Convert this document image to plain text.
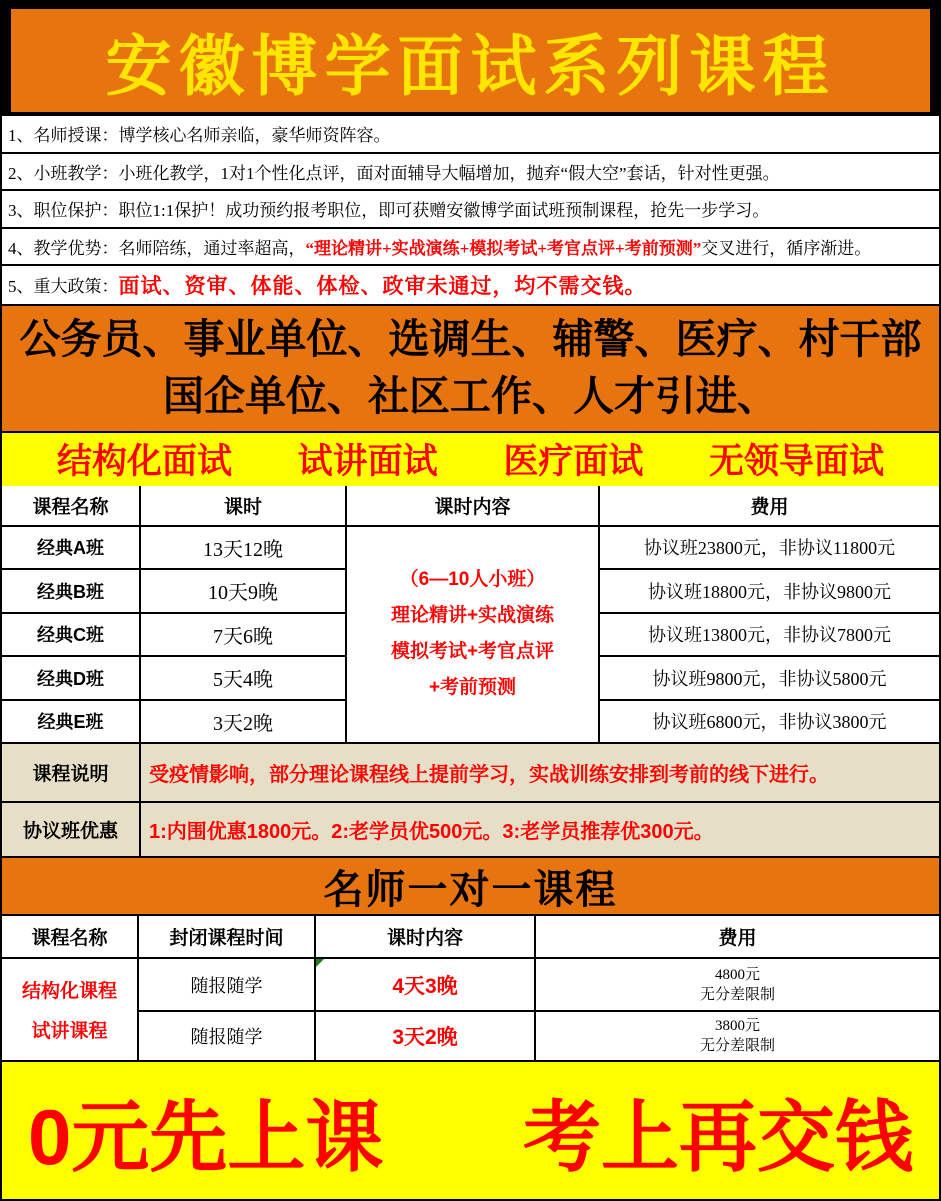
安徽博学面试系列课程
1、名师授课：博学核心名师亲临，豪华师资阵容。
2、小班教学：小班化教学，1对1个性化点评，面对面辅导大幅增加，抛弃“假大空”套话，针对性更强。
3、职位保护：职位1:1保护！成功预约报考职位，即可获赠安徽博学面试班预制课程，抢先一步学习。
4、教学优势：名师陪练，通过率超高， “理论精讲+实战演练+模拟考试+考官点评+考前预测” 交叉进行，循序渐进。
5、重大政策： 面试、资审、体能、体检、政审未通过，均不需交钱。
公务员、事业单位、选调生、辅警、医疗、村干部
国企单位、社区工作、人才引进、
结构化面试 试讲面试 医疗面试 无领导面试
课程名称	课时	课时内容	费用
经典A班	13天12晚	协议班23800元，非协议11800元
经典B班	10天9晚	协议班18800元，非协议9800元
经典C班	7天6晚	协议班13800元，非协议7800元
经典D班	5天4晚	协议班9800元，非协议5800元
经典E班	3天2晚	协议班6800元，非协议3800元
（6—10人小班）
理论精讲+实战演练
模拟考试+考官点评
+考前预测
课程说明	受疫情影响，部分理论课程线上提前学习，实战训练安排到考前的线下进行。
协议班优惠	1:内围优惠1800元。2:老学员优500元。3:老学员推荐优300元。
名师一对一课程
课程名称	封闭课程时间	课时内容	费用
结构化课程
试讲课程
随报随学	4天3晚	4800元
无分差限制
随报随学	3天2晚	3800元
无分差限制
0元先上课 考上再交钱
